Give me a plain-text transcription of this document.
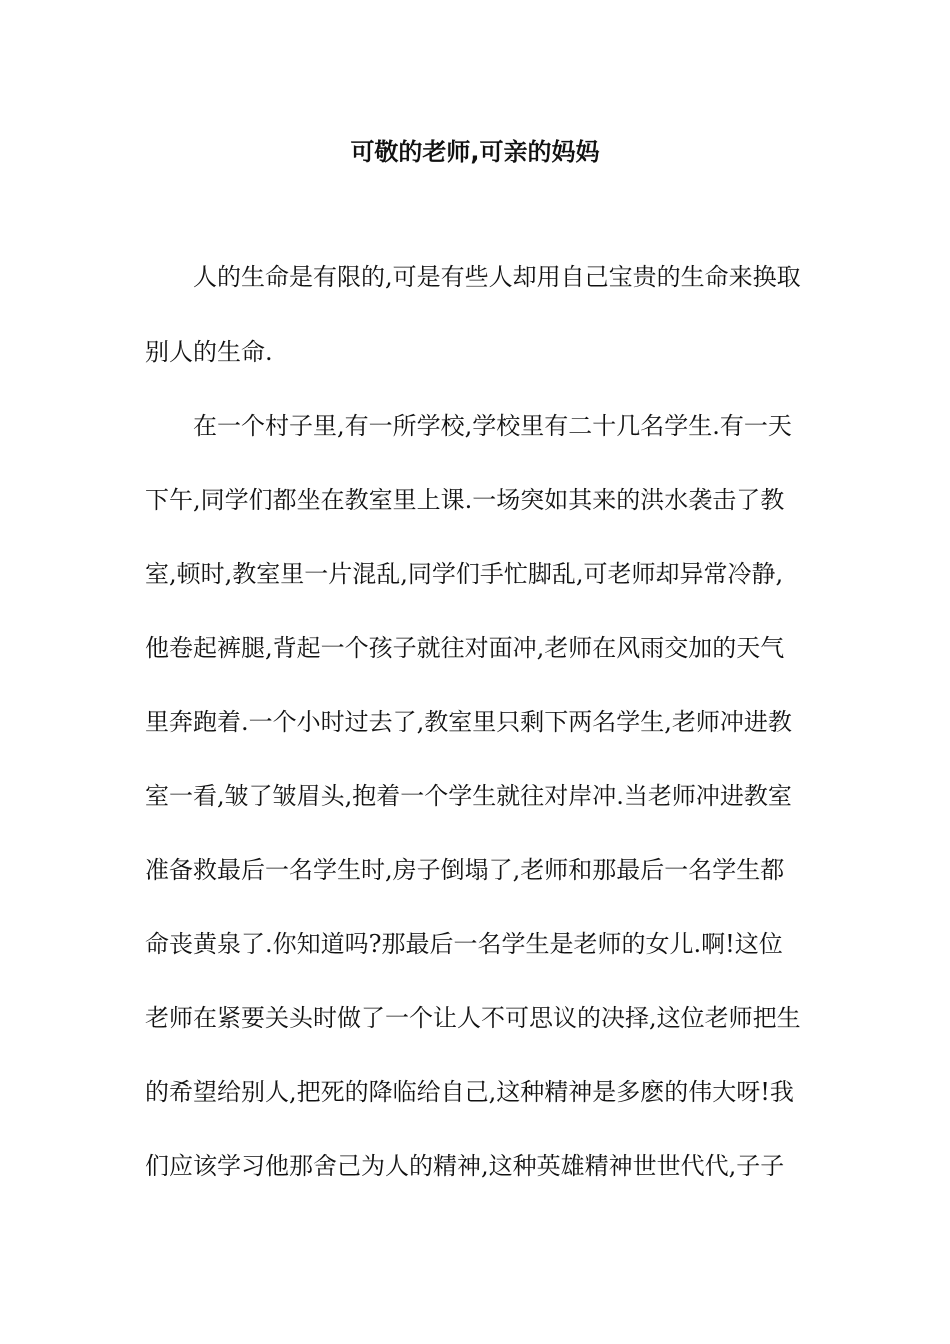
可敬的老师,可亲的妈妈
人的生命是有限的,可是有些人却用自己宝贵的生命来换取
别人的生命.
在一个村子里,有一所学校,学校里有二十几名学生.有一天
下午,同学们都坐在教室里上课.一场突如其来的洪水袭击了教
室,顿时,教室里一片混乱,同学们手忙脚乱,可老师却异常冷静,
他卷起裤腿,背起一个孩子就往对面冲,老师在风雨交加的天气
里奔跑着.一个小时过去了,教室里只剩下两名学生,老师冲进教
室一看,皱了皱眉头,抱着一个学生就往对岸冲.当老师冲进教室
准备救最后一名学生时,房子倒塌了,老师和那最后一名学生都
命丧黄泉了.你知道吗?那最后一名学生是老师的女儿.啊!这位
老师在紧要关头时做了一个让人不可思议的决择,这位老师把生
的希望给别人,把死的降临给自己,这种精神是多麽的伟大呀!我
们应该学习他那舍己为人的精神,这种英雄精神世世代代,子子
